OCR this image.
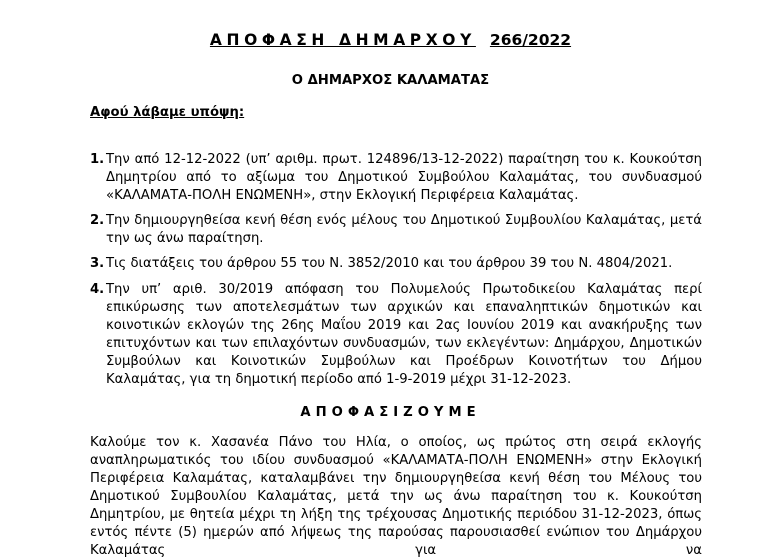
ΑΠΟΦΑΣΗ ΔΗΜΑΡΧΟΥ 266/2022
Ο ΔΗΜΑΡΧΟΣ ΚΑΛΑΜΑΤΑΣ
Αφού λάβαμε υπόψη:
1. Την από 12-12-2022 (υπ’ αριθμ. πρωτ. 124896/13-12-2022) παραίτηση του κ. Κουκούτση Δημητρίου από το αξίωμα του Δημοτικού Συμβούλου Καλαμάτας, του συνδυασμού «ΚΑΛΑΜΑΤΑ-ΠΟΛΗ ΕΝΩΜΕΝΗ», στην Εκλογική Περιφέρεια Καλαμάτας.
2. Την δημιουργηθείσα κενή θέση ενός μέλους του Δημοτικού Συμβουλίου Καλαμάτας, μετά την ως άνω παραίτηση.
3. Τις διατάξεις του άρθρου 55 του Ν. 3852/2010 και του άρθρου 39 του Ν. 4804/2021.
4. Την υπ’ αριθ. 30/2019 απόφαση του Πολυμελούς Πρωτοδικείου Καλαμάτας περί επικύρωσης των αποτελεσμάτων των αρχικών και επαναληπτικών δημοτικών και κοινοτικών εκλογών της 26ης Μαΐου 2019 και 2ας Ιουνίου 2019 και ανακήρυξης των επιτυχόντων και των επιλαχόντων συνδυασμών, των εκλεγέντων: Δημάρχου, Δημοτικών Συμβούλων και Κοινοτικών Συμβούλων και Προέδρων Κοινοτήτων του Δήμου Καλαμάτας, για τη δημοτική περίοδο από 1-9-2019 μέχρι 31-12-2023.
ΑΠΟΦΑΣΙΖΟΥΜΕ
Καλούμε τον κ. Χασανέα Πάνο του Ηλία, ο οποίος, ως πρώτος στη σειρά εκλογής αναπληρωματικός του ιδίου συνδυασμού «ΚΑΛΑΜΑΤΑ-ΠΟΛΗ ΕΝΩΜΕΝΗ» στην Εκλογική Περιφέρεια Καλαμάτας, καταλαμβάνει την δημιουργηθείσα κενή θέση του Μέλους του Δημοτικού Συμβουλίου Καλαμάτας, μετά την ως άνω παραίτηση του κ. Κουκούτση Δημητρίου, με θητεία μέχρι τη λήξη της τρέχουσας Δημοτικής περιόδου 31-12-2023, όπως εντός πέντε (5) ημερών από λήψεως της παρούσας παρουσιασθεί ενώπιον του Δημάρχου Καλαμάτας για να
